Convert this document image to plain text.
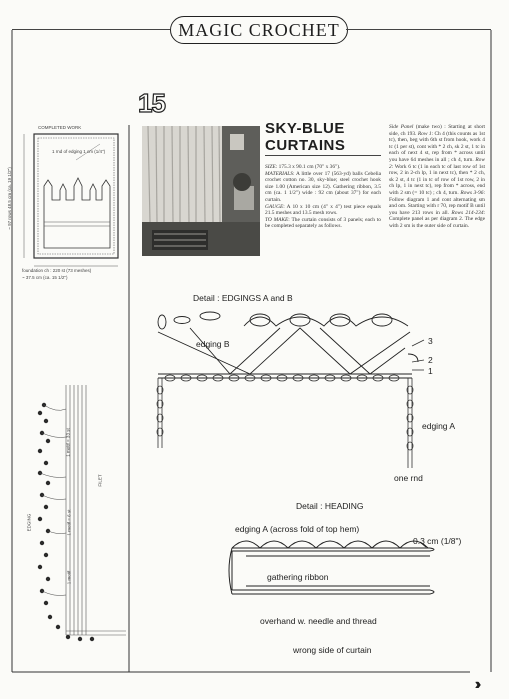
MAGIC CROCHET
15
COMPLETED WORK
1 rnd of edging 1 cm (1/4")
~ 97 rows 48.5 cm (ca. 19 1/2")
foundation ch : 220 st (73 meshes)
~ 37.5 cm (ca. 15 1/2")
SKY-BLUE
CURTAINS
SIZE: 175.3 x 90.1 cm (70" x 36").
MATERIALS: A little over 17 (563-yd) balls Cebelia crochet cotton no. 30, sky-blue; steel crochet hook size 1.00 (American size 12). Gathering ribbon, 3.5 cm (ca. 1 1/2") wide : 92 cm (about 37") for each curtain.
GAUGE: A 10 x 10 cm (4" x 4") test piece equals 21.5 meshes and 13.5 mesh rows.
TO MAKE: The curtain consists of 3 panels; each to be completed separately as follows.
Side Panel (make two) : Starting at short side, ch 193. Row 1: Ch 4 (this counts as 1st tc), then, beg with 6th st from hook, work 4 tc (1 per st), cont with * 2 ch, sk 2 st, 1 tc in each of next 4 st, rep from * across until you have 64 meshes in all ; ch 4, turn. Row 2: Work 6 tc (1 in each tc of last row of 1st row, 2 in 2-ch lp, 1 in next tc), then * 2 ch, sk 2 st, 4 tc (1 in tc of row of 1st row, 2 in ch lp, 1 in next tc), rep from * across, end with 2 sm (= 10 tc) ; ch 4, turn. Rows 3-96: Follow diagram 1 and cont alternating sm and om. Starting with r 70, rep motif B until you have 213 rows in all. Rows 214-234: Complete panel as per diagram 2. The edge with 2 sm is the outer side of curtain.
EDGING
FILET
1 motif = 33 st
1 motif = 6 st
1 motif
Detail : EDGINGS A and B
edging B
edging A
one rnd
3
2
1
Detail : HEADING
edging A (across fold of top hem)
0.3 cm (1/8")
gathering ribbon
overhand w. needle and thread
wrong side of curtain
